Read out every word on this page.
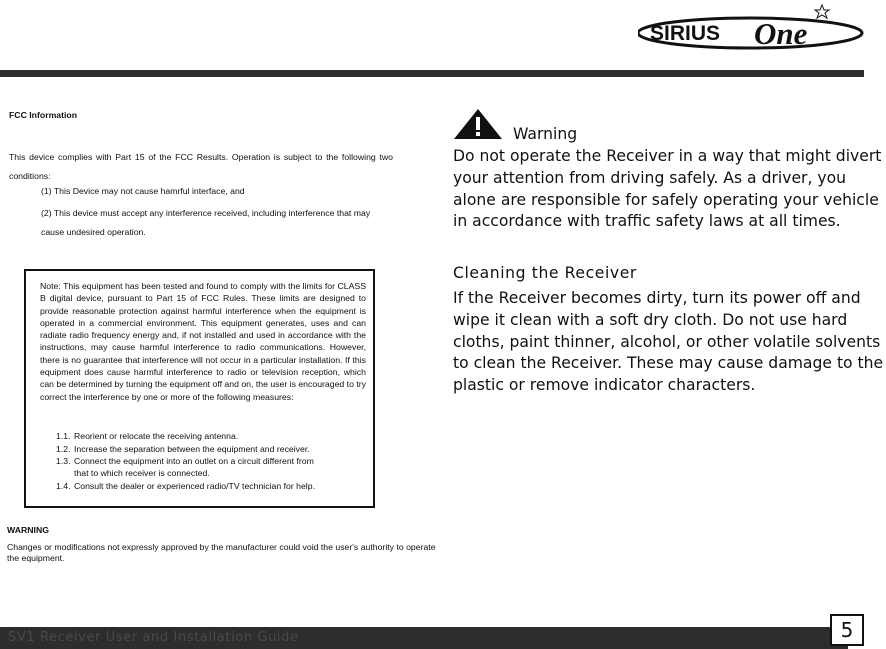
SIRIUS One
FCC Information
This device complies with Part 15 of the FCC Results. Operation is subject to the following two conditions:
(1) This Device may not cause hamrful interface, and
(2) This device must accept any interference received, including interference that may cause undesired operation.
Note: This equipment has been tested and found to comply with the limits for CLASS B digital device, pursuant to Part 15 of FCC Rules. These limits are designed to provide reasonable protection against harmful interference when the equipment is operated in a commercial environment. This equipment generates, uses and can radiate radio frequency energy and, if not installed and used in accordance with the instructions, may cause harmful interference to radio communications. However, there is no guarantee that interference will not occur in a particular installation. If this equipment does cause harmful interference to radio or television reception, which can be determined by turning the equipment off and on, the user is encouraged to try correct the interference by one or more of the following measures:
1.1. Reorient or relocate the receiving antenna.
1.2. Increase the separation between the equipment and receiver.
1.3. Connect the equipment into an outlet on a circuit different from
that to which receiver is connected.
1.4. Consult the dealer or experienced radio/TV technician for help.
WARNING
Changes or modifications not expressly approved by the manufacturer could void the user's authority to operate the equipment.
Warning
Do not operate the Receiver in a way that might divert your attention from driving safely. As a driver, you alone are responsible for safely operating your vehicle in accordance with traffic safety laws at all times.
Cleaning the Receiver
If the Receiver becomes dirty, turn its power off and wipe it clean with a soft dry cloth. Do not use hard cloths, paint thinner, alcohol, or other volatile solvents to clean the Receiver. These may cause damage to the plastic or remove indicator characters.
SV1 Receiver User and Installation Guide	5
